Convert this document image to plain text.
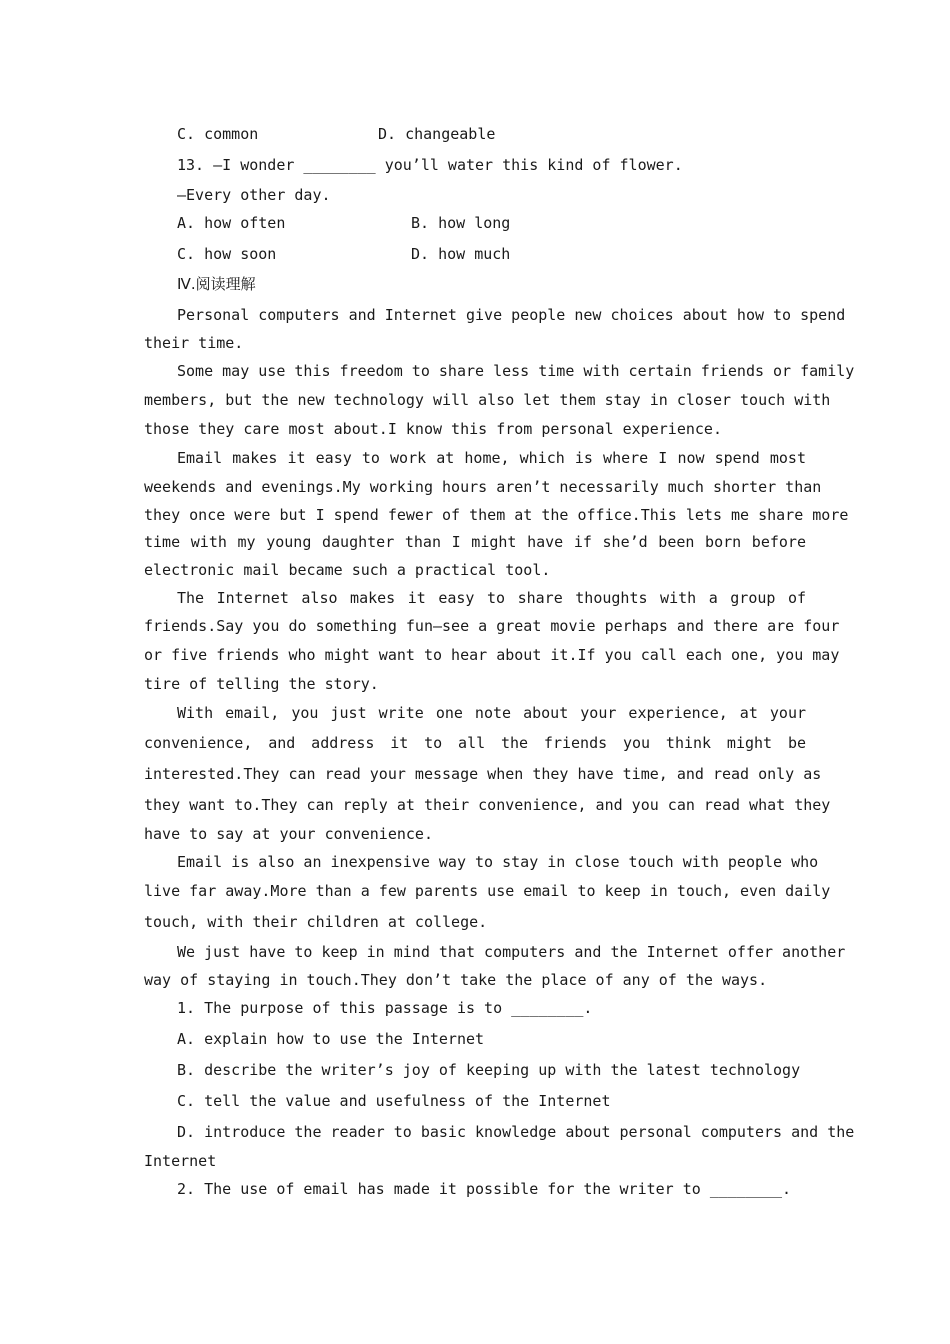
C. common	D. changeable
13. —I wonder ________ you’ll water this kind of flower.
—Every other day.
A. how often	B. how long
C. how soon	D. how much
Ⅳ.阅读理解
Personal computers and Internet give people new choices about how to spend
their time.
Some may use this freedom to share less time with certain friends or family
members, but the new technology will also let them stay in closer touch with
those they care most about.I know this from personal experience.
Email makes it easy to work at home, which is where I now spend most
weekends and evenings.My working hours aren’t necessarily much shorter than
they once were but I spend fewer of them at the office.This lets me share more
time with my young daughter than I might have if she’d been born before
electronic mail became such a practical tool.
The Internet also makes it easy to share thoughts with a group of
friends.Say you do something fun—see a great movie perhaps and there are four
or five friends who might want to hear about it.If you call each one, you may
tire of telling the story.
With email, you just write one note about your experience, at your
convenience, and address it to all the friends you think might be
interested.They can read your message when they have time, and read only as
they want to.They can reply at their convenience, and you can read what they
have to say at your convenience.
Email is also an inexpensive way to stay in close touch with people who
live far away.More than a few parents use email to keep in touch, even daily
touch, with their children at college.
We just have to keep in mind that computers and the Internet offer another
way of staying in touch.They don’t take the place of any of the ways.
1. The purpose of this passage is to ________.
A. explain how to use the Internet
B. describe the writer’s joy of keeping up with the latest technology
C. tell the value and usefulness of the Internet
D. introduce the reader to basic knowledge about personal computers and the
Internet
2. The use of email has made it possible for the writer to ________.
